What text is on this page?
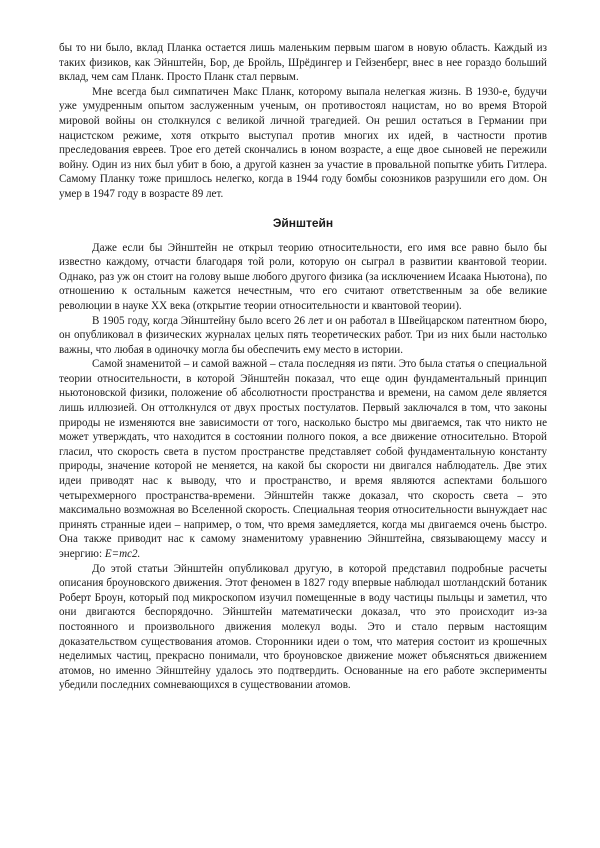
бы то ни было, вклад Планка остается лишь маленьким первым шагом в новую область. Каждый из таких физиков, как Эйнштейн, Бор, де Бройль, Шрёдингер и Гейзенберг, внес в нее гораздо больший вклад, чем сам Планк. Просто Планк стал первым.

Мне всегда был симпатичен Макс Планк, которому выпала нелегкая жизнь. В 1930-е, будучи уже умудренным опытом заслуженным ученым, он противостоял нацистам, но во время Второй мировой войны он столкнулся с великой личной трагедией. Он решил остаться в Германии при нацистском режиме, хотя открыто выступал против многих их идей, в частности против преследования евреев. Трое его детей скончались в юном возрасте, а еще двое сыновей не пережили войну. Один из них был убит в бою, а другой казнен за участие в провальной попытке убить Гитлера. Самому Планку тоже пришлось нелегко, когда в 1944 году бомбы союзников разрушили его дом. Он умер в 1947 году в возрасте 89 лет.

Эйнштейн

Даже если бы Эйнштейн не открыл теорию относительности, его имя все равно было бы известно каждому, отчасти благодаря той роли, которую он сыграл в развитии квантовой теории. Однако, раз уж он стоит на голову выше любого другого физика (за исключением Исаака Ньютона), по отношению к остальным кажется нечестным, что его считают ответственным за обе великие революции в науке XX века (открытие теории относительности и квантовой теории).

В 1905 году, когда Эйнштейну было всего 26 лет и он работал в Швейцарском патентном бюро, он опубликовал в физических журналах целых пять теоретических работ. Три из них были настолько важны, что любая в одиночку могла бы обеспечить ему место в истории.

Самой знаменитой – и самой важной – стала последняя из пяти. Это была статья о специальной теории относительности, в которой Эйнштейн показал, что еще один фундаментальный принцип ньютоновской физики, положение об абсолютности пространства и времени, на самом деле является лишь иллюзией. Он оттолкнулся от двух простых постулатов. Первый заключался в том, что законы природы не изменяются вне зависимости от того, насколько быстро мы двигаемся, так что никто не может утверждать, что находится в состоянии полного покоя, а все движение относительно. Второй гласил, что скорость света в пустом пространстве представляет собой фундаментальную константу природы, значение которой не меняется, на какой бы скорости ни двигался наблюдатель. Две этих идеи приводят нас к выводу, что и пространство, и время являются аспектами большого четырехмерного пространства-времени. Эйнштейн также доказал, что скорость света – это максимально возможная во Вселенной скорость. Специальная теория относительности вынуждает нас принять странные идеи – например, о том, что время замедляется, когда мы двигаемся очень быстро. Она также приводит нас к самому знаменитому уравнению Эйнштейна, связывающему массу и энергию: E=mc2.

До этой статьи Эйнштейн опубликовал другую, в которой представил подробные расчеты описания броуновского движения. Этот феномен в 1827 году впервые наблюдал шотландский ботаник Роберт Броун, который под микроскопом изучил помещенные в воду частицы пыльцы и заметил, что они двигаются беспорядочно. Эйнштейн математически доказал, что это происходит из-за постоянного и произвольного движения молекул воды. Это и стало первым настоящим доказательством существования атомов. Сторонники идеи о том, что материя состоит из крошечных неделимых частиц, прекрасно понимали, что броуновское движение может объясняться движением атомов, но именно Эйнштейну удалось это подтвердить. Основанные на его работе эксперименты убедили последних сомневающихся в существовании атомов.
